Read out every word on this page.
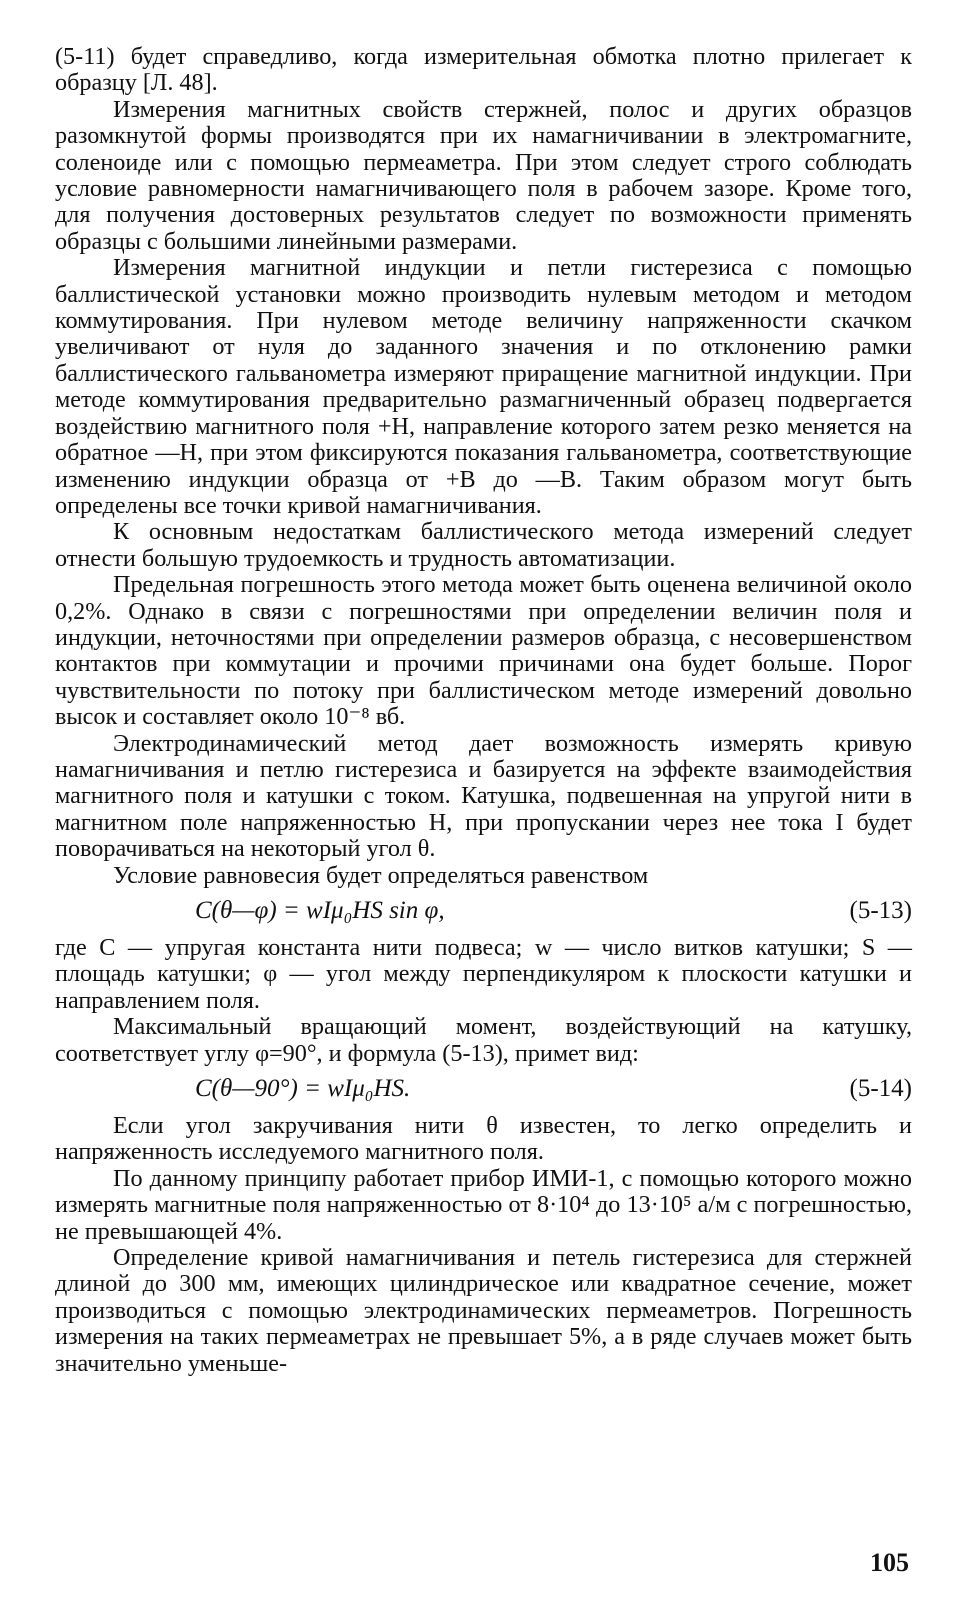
(5-11) будет справедливо, когда измерительная обмотка плотно прилегает к образцу [Л. 48].

Измерения магнитных свойств стержней, полос и других образцов разомкнутой формы производятся при их намагничивании в электромагните, соленоиде или с помощью пермеаметра. При этом следует строго соблюдать условие равномерности намагничивающего поля в рабочем зазоре. Кроме того, для получения достоверных результатов следует по возможности применять образцы с большими линейными размерами.

Измерения магнитной индукции и петли гистерезиса с помощью баллистической установки можно производить нулевым методом и методом коммутирования. При нулевом методе величину напряженности скачком увеличивают от нуля до заданного значения и по отклонению рамки баллистического гальванометра измеряют приращение магнитной индукции. При методе коммутирования предварительно размагниченный образец подвергается воздействию магнитного поля +H, направление которого затем резко меняется на обратное —H, при этом фиксируются показания гальванометра, соответствующие изменению индукции образца от +B до —B. Таким образом могут быть определены все точки кривой намагничивания.

К основным недостаткам баллистического метода измерений следует отнести большую трудоемкость и трудность автоматизации.

Предельная погрешность этого метода может быть оценена величиной около 0,2%. Однако в связи с погрешностями при определении величин поля и индукции, неточностями при определении размеров образца, с несовершенством контактов при коммутации и прочими причинами она будет больше. Порог чувствительности по потоку при баллистическом методе измерений довольно высок и составляет около 10⁻⁸ вб.

Электродинамический метод дает возможность измерять кривую намагничивания и петлю гистерезиса и базируется на эффекте взаимодействия магнитного поля и катушки с током. Катушка, подвешенная на упругой нити в магнитном поле напряженностью H, при пропускании через нее тока I будет поворачиваться на некоторый угол θ.

Условие равновесия будет определяться равенством

C(θ—φ) = wIμ₀HS sin φ,	(5-13)

где C — упругая константа нити подвеса; w — число витков катушки; S — площадь катушки; φ — угол между перпендикуляром к плоскости катушки и направлением поля.

Максимальный вращающий момент, воздействующий на катушку, соответствует углу φ=90°, и формула (5-13), примет вид:

C(θ—90°) = wIμ₀HS.	(5-14)

Если угол закручивания нити θ известен, то легко определить и напряженность исследуемого магнитного поля.

По данному принципу работает прибор ИМИ-1, с помощью которого можно измерять магнитные поля напряженностью от 8·10⁴ до 13·10⁵ а/м с погрешностью, не превышающей 4%.

Определение кривой намагничивания и петель гистерезиса для стержней длиной до 300 мм, имеющих цилиндрическое или квадратное сечение, может производиться с помощью электродинамических пермеаметров. Погрешность измерения на таких пермеаметрах не превышает 5%, а в ряде случаев может быть значительно уменьше-

105
